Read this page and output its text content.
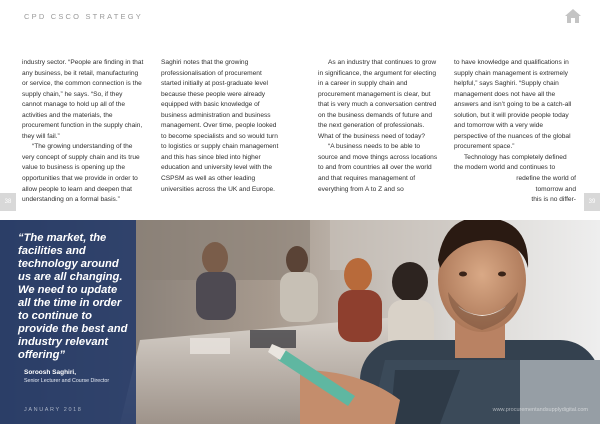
CPD CSCO STRATEGY

industry sector. “People are finding in that any business, be it retail, manufacturing or service, the common connection is the supply chain,” he says. “So, if they cannot manage to hold up all of the activities and the materials, the procurement function in the supply chain, they will fail.”

“The growing understanding of the very concept of supply chain and its true value to business is opening up the opportunities that we provide in order to allow people to learn and deepen that understanding on a formal basis.”

Saghiri notes that the growing professionalisation of procurement started initially at post-graduate level because these people were already equipped with basic knowledge of business administration and business management. Over time, people looked to become specialists and so would turn to logistics or supply chain management and this has since bled into higher education and university level with the CSPSM as well as other leading universities across the UK and Europe.

As an industry that continues to grow in significance, the argument for electing in a career in supply chain and procurement management is clear, but that is very much a conversation centred on the business demands of future and the next generation of professionals. What of the business need of today?

“A business needs to be able to source and move things across locations to and from countries all over the world and that requires management of everything from A to Z and so

to have knowledge and qualifications in supply chain management is extremely helpful,” says Saghiri. “Supply chain management does not have all the answers and isn’t going to be a catch-all solution, but it will provide people today and tomorrow with a very wide perspective of the nuances of the global procurement space.”

Technology has completely defined the modern world and continues to

redefine the world of
tomorrow and
this is no differ-
38	39
“The market, the facilities and technology around us are all changing. We need to update all the time in order to continue to provide the best and industry relevant offering”
Soroosh Saghiri,
Senior Lecturer and Course Director
JANUARY 2018	www.procurementandsupplydigital.com
